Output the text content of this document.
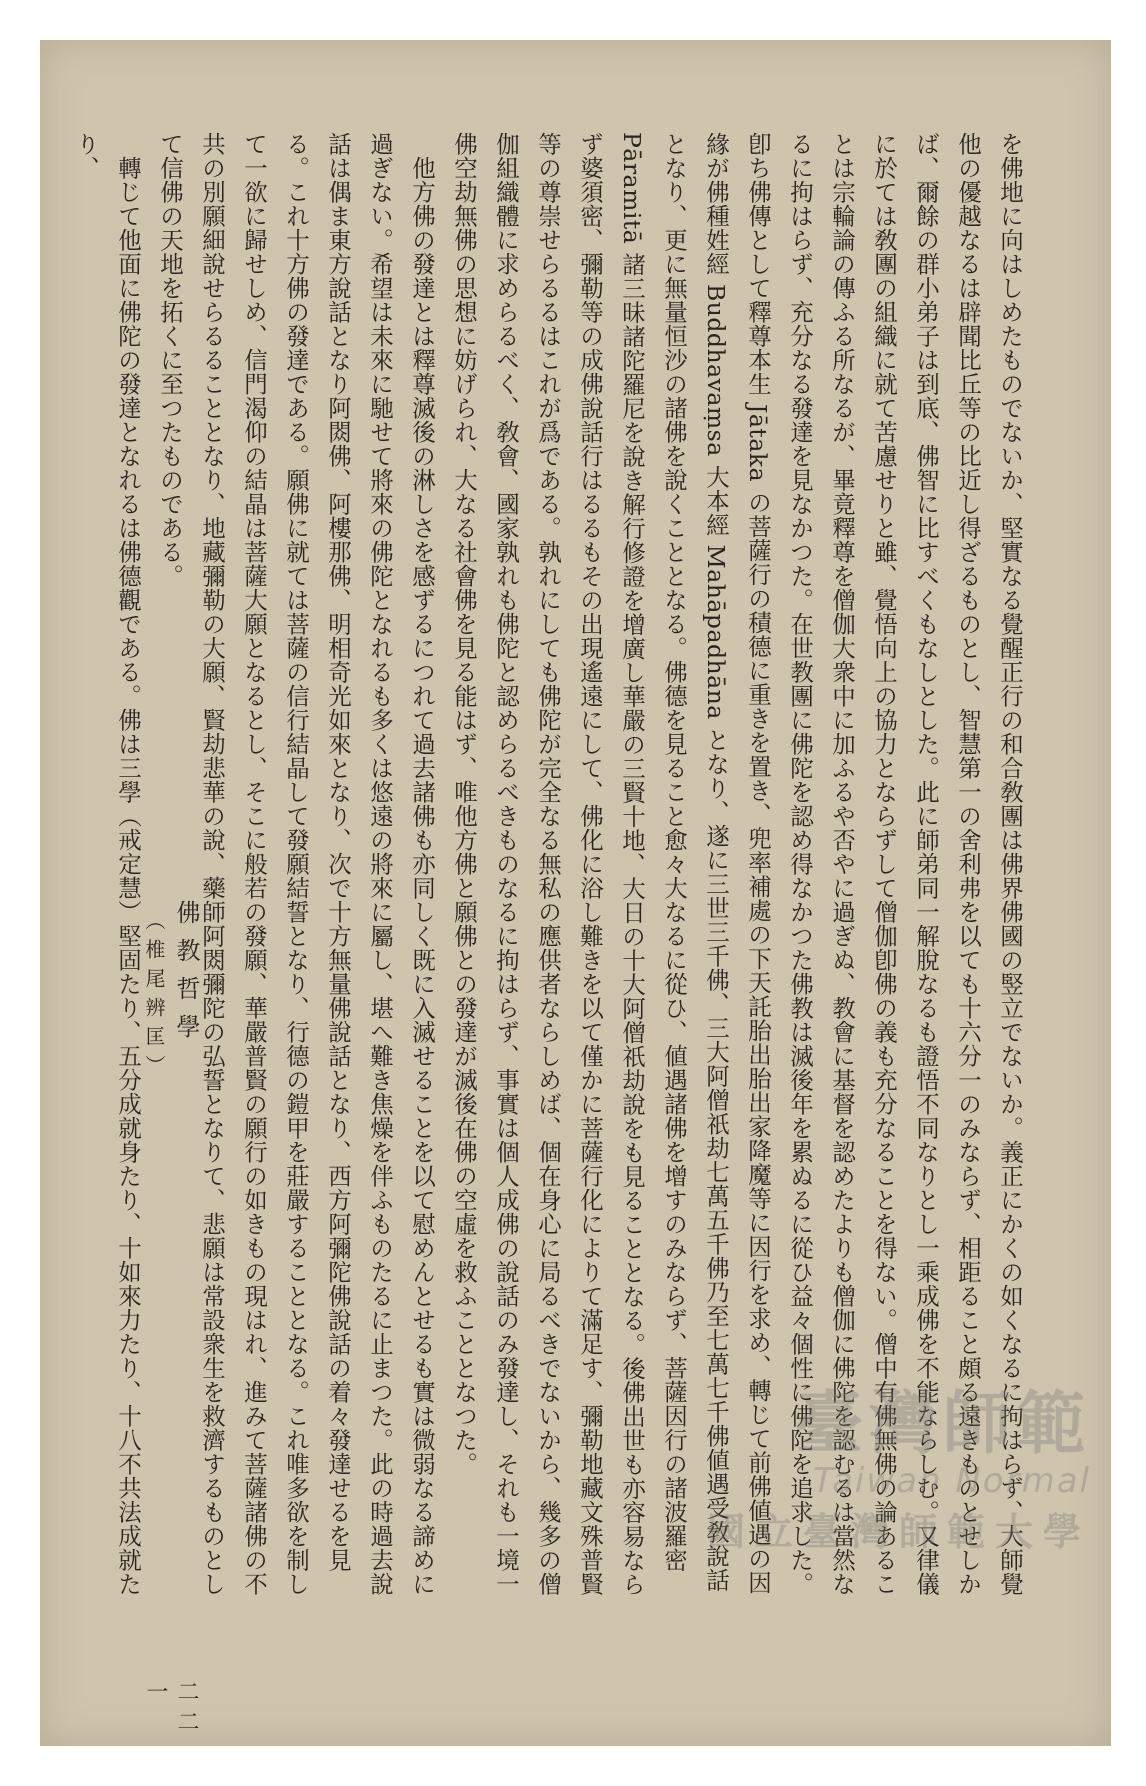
を佛地に向はしめたものでないか、堅實なる覺醒正行の和合敎團は佛界佛國の竪立でないか。義正にかくの如くなるに拘はらず、大師覺他の優越なるは辟聞比丘等の比近し得ざるものとし、智慧第一の舍利弗を以ても十六分一のみならず、相距ること頗る遠きものとせしかば、爾餘の群小弟子は到底、佛智に比すべくもなしとした。此に師弟同一解脫なるも證悟不同なりとし一乘成佛を不能ならしむ。又律儀に於ては敎團の組織に就て苦慮せりと雖、覺悟向上の協力とならずして僧伽卽佛の義も充分なることを得ない。僧中有佛無佛の論あることは宗輪論の傳ふる所なるが、畢竟釋尊を僧伽大衆中に加ふるや否やに過ぎぬ、教會に基督を認めたよりも僧伽に佛陀を認むるは當然なるに拘はらず、充分なる發達を見なかつた。在世教團に佛陀を認め得なかつた佛教は滅後年を累ぬるに從ひ益々個性に佛陀を追求した。卽ち佛傳として釋尊本生 Jātaka の菩薩行の積德に重きを置き、兜率補處の下天託胎出胎出家降魔等に因行を求め、轉じて前佛値遇の因緣が佛種姓經 Buddhavaṃsa 大本經 Mahāpadhāna となり、遂に三世三千佛、三大阿僧祇劫七萬五千佛乃至七萬七千佛値遇受敎說話となり、更に無量恒沙の諸佛を說くこととなる。佛德を見ること愈々大なるに從ひ、値遇諸佛を增すのみならず、菩薩因行の諸波羅密 Pāramitā 諸三昧諸陀羅尼を說き解行修證を增廣し華嚴の三賢十地、大日の十大阿僧祇劫說をも見ることとなる。後佛出世も亦容易ならず婆須密、彌勒等の成佛說話行はるるもその出現遙遠にして、佛化に浴し難きを以て僅かに菩薩行化によりて滿足す、彌勒地藏文殊普賢等の尊崇せらるるはこれが爲である。孰れにしても佛陀が完全なる無私の應供者ならしめば、個在身心に局るべきでないから、幾多の僧伽組織體に求めらるべく、敎會、國家孰れも佛陀と認めらるべきものなるに拘はらず、事實は個人成佛の說話のみ發達し、それも一境一佛空劫無佛の思想に妨げられ、大なる社會佛を見る能はず、唯他方佛と願佛との發達が滅後在佛の空虛を救ふこととなつた。

他方佛の發達とは釋尊滅後の淋しさを感ずるにつれて過去諸佛も亦同しく既に入滅せることを以て慰めんとせるも實は微弱なる諦めに過ぎない。希望は未來に馳せて將來の佛陀となれるも多くは悠遠の將來に屬し、堪へ難き焦燥を伴ふものたるに止まつた。此の時過去說話は偶ま東方說話となり阿閦佛、阿樓那佛、明相奇光如來となり、次で十方無量佛說話となり、西方阿彌陀佛說話の着々發達せるを見る。これ十方佛の發達である。願佛に就ては菩薩の信行結晶して發願結誓となり、行德の鎧甲を莊嚴することとなる。これ唯多欲を制して一欲に歸せしめ、信門渴仰の結晶は菩薩大願となるとし、そこに般若の發願、華嚴普賢の願行の如きもの現はれ、進みて菩薩諸佛の不共の別願細說せらるることとなり、地藏彌勒の大願、賢劫悲華の說、藥師阿閦彌陀の弘誓となりて、悲願は常設衆生を救濟するものとして信佛の天地を拓くに至つたものである。

轉じて他面に佛陀の發達となれるは佛德觀である。佛は三學（戒定慧）堅固たり、五分成就身たり、十如來力たり、十八不共法成就たり、

佛教哲學
（椎尾辨匡）
二二一
臺灣師範
Taiwan Normal
國立臺灣師範大學
